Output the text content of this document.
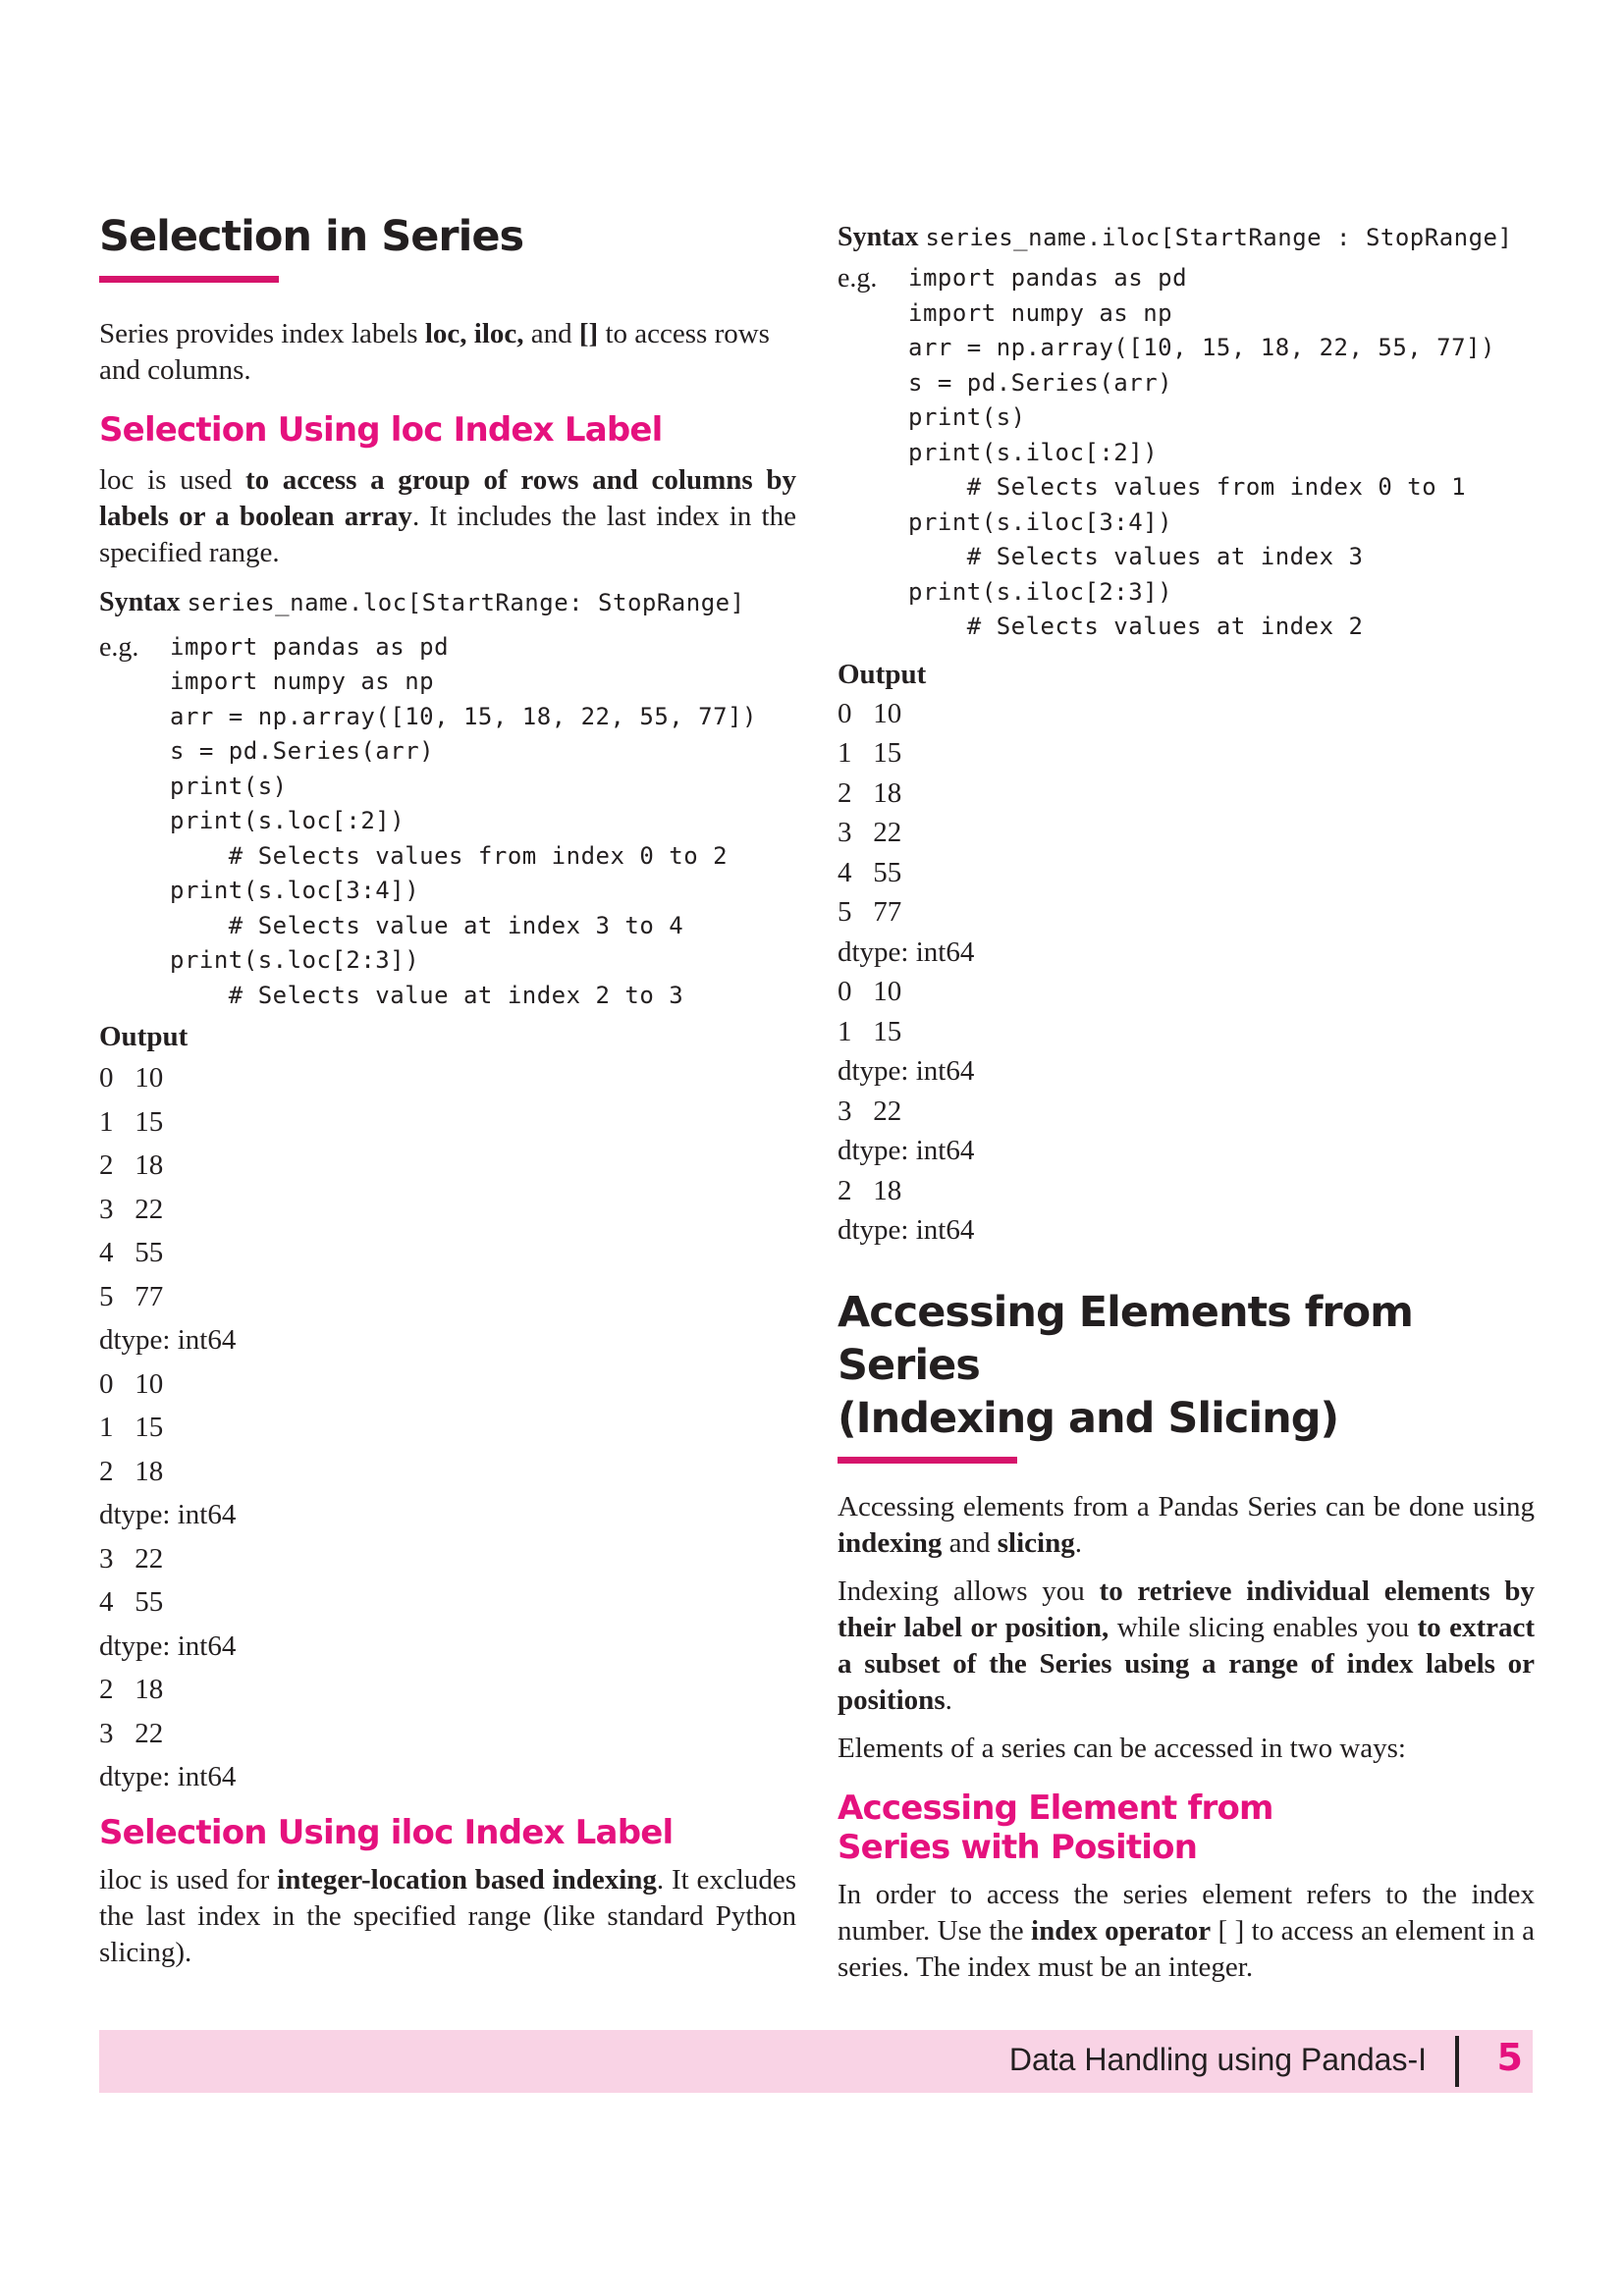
Selection in Series

Series provides index labels loc, iloc, and [] to access rows and columns.

Selection Using loc Index Label

loc is used to access a group of rows and columns by labels or a boolean array. It includes the last index in the specified range.

Syntax series_name.loc[StartRange: StopRange]
e.g.	import pandas as pd
import numpy as np
arr = np.array([10, 15, 18, 22, 55, 77])
s = pd.Series(arr)
print(s)
print(s.loc[:2])
# Selects values from index 0 to 2
print(s.loc[3:4])
# Selects value at index 3 to 4
print(s.loc[2:3])
# Selects value at index 2 to 3
Output
0   10
1   15
2   18
3   22
4   55
5   77
dtype: int64
0   10
1   15
2   18
dtype: int64
3   22
4   55
dtype: int64
2   18
3   22
dtype: int64
Selection Using iloc Index Label

iloc is used for integer-location based indexing. It excludes the last index in the specified range (like standard Python slicing).

Syntax series_name.iloc[StartRange : StopRange]
e.g.	import pandas as pd
import numpy as np
arr = np.array([10, 15, 18, 22, 55, 77])
s = pd.Series(arr)
print(s)
print(s.iloc[:2])
# Selects values from index 0 to 1
print(s.iloc[3:4])
# Selects values at index 3
print(s.iloc[2:3])
# Selects values at index 2
Output
0   10
1   15
2   18
3   22
4   55
5   77
dtype: int64
0   10
1   15
dtype: int64
3   22
dtype: int64
2   18
dtype: int64
Accessing Elements from Series
(Indexing and Slicing)

Accessing elements from a Pandas Series can be done using indexing and slicing.

Indexing allows you to retrieve individual elements by their label or position, while slicing enables you to extract a subset of the Series using a range of index labels or positions.

Elements of a series can be accessed in two ways:

Accessing Element from
Series with Position

In order to access the series element refers to the index number. Use the index operator [ ] to access an element in a series. The index must be an integer.

Data Handling using Pandas-I 5
